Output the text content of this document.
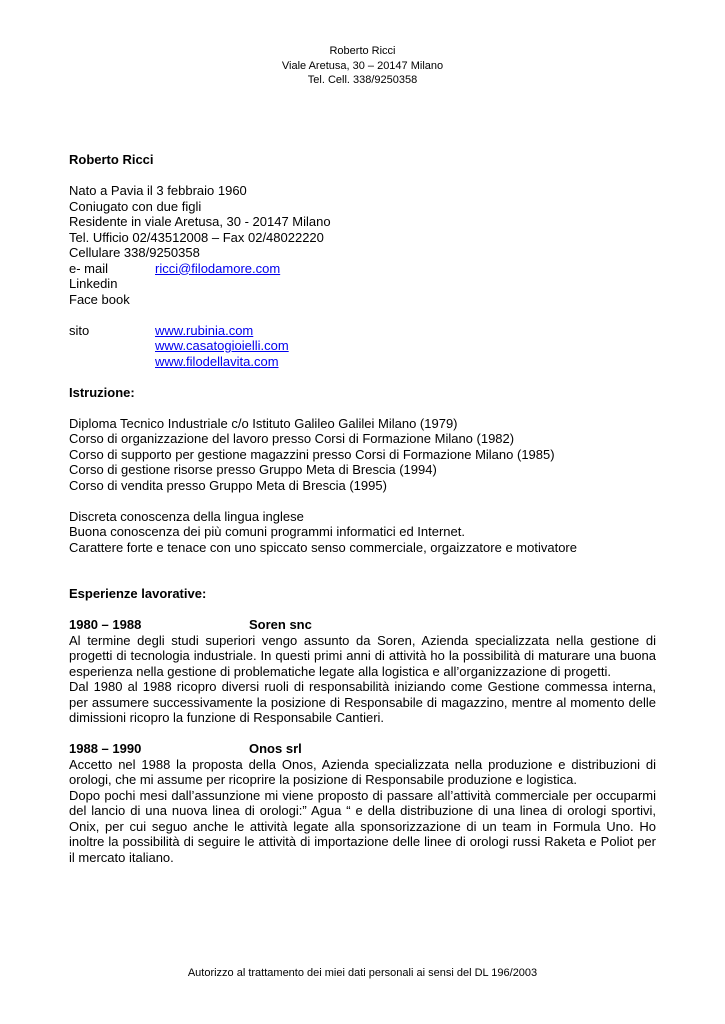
Roberto Ricci
Viale Aretusa, 30 – 20147 Milano
Tel. Cell. 338/9250358
Roberto Ricci
Nato a Pavia il 3 febbraio 1960
Coniugato con due figli
Residente in viale Aretusa, 30 - 20147 Milano
Tel. Ufficio 02/43512008 – Fax 02/48022220
Cellulare 338/9250358
e- mail	ricci@filodamore.com
Linkedin
Face book
sito	www.rubinia.com
www.casatogioielli.com
www.filodellavita.com
Istruzione:
Diploma Tecnico Industriale c/o Istituto Galileo Galilei Milano (1979)
Corso di organizzazione del lavoro presso Corsi di Formazione Milano (1982)
Corso di supporto per gestione magazzini presso Corsi di Formazione Milano (1985)
Corso di gestione risorse presso Gruppo Meta di Brescia (1994)
Corso di vendita presso Gruppo Meta di Brescia (1995)
Discreta conoscenza della lingua inglese
Buona conoscenza dei più comuni programmi informatici ed Internet.
Carattere forte e tenace con uno spiccato senso commerciale, orgaizzatore e motivatore
Esperienze lavorative:
1980 – 1988	Soren snc
Al termine degli studi superiori vengo assunto da Soren, Azienda specializzata nella gestione di progetti di tecnologia industriale. In questi primi anni di attività ho la possibilità di maturare una buona esperienza nella gestione di problematiche legate alla logistica e all’organizzazione di progetti.
Dal 1980 al 1988 ricopro diversi ruoli di responsabilità iniziando come Gestione commessa interna, per assumere successivamente la posizione di Responsabile di magazzino, mentre al momento delle dimissioni ricopro la funzione di Responsabile Cantieri.
1988 – 1990	Onos srl
Accetto nel 1988 la proposta della Onos, Azienda specializzata nella produzione e distribuzioni di orologi, che mi assume per ricoprire la posizione di Responsabile produzione e logistica.
Dopo pochi mesi dall’assunzione mi viene proposto di passare all’attività commerciale per occuparmi del lancio di una nuova linea di orologi:” Agua “ e della distribuzione di una linea di orologi sportivi, Onix, per cui seguo anche le attività legate alla sponsorizzazione di un team in Formula Uno. Ho inoltre la possibilità di seguire le attività di importazione delle linee di orologi russi Raketa e Poliot per il mercato italiano.
Autorizzo al trattamento dei miei dati personali ai sensi del DL 196/2003
